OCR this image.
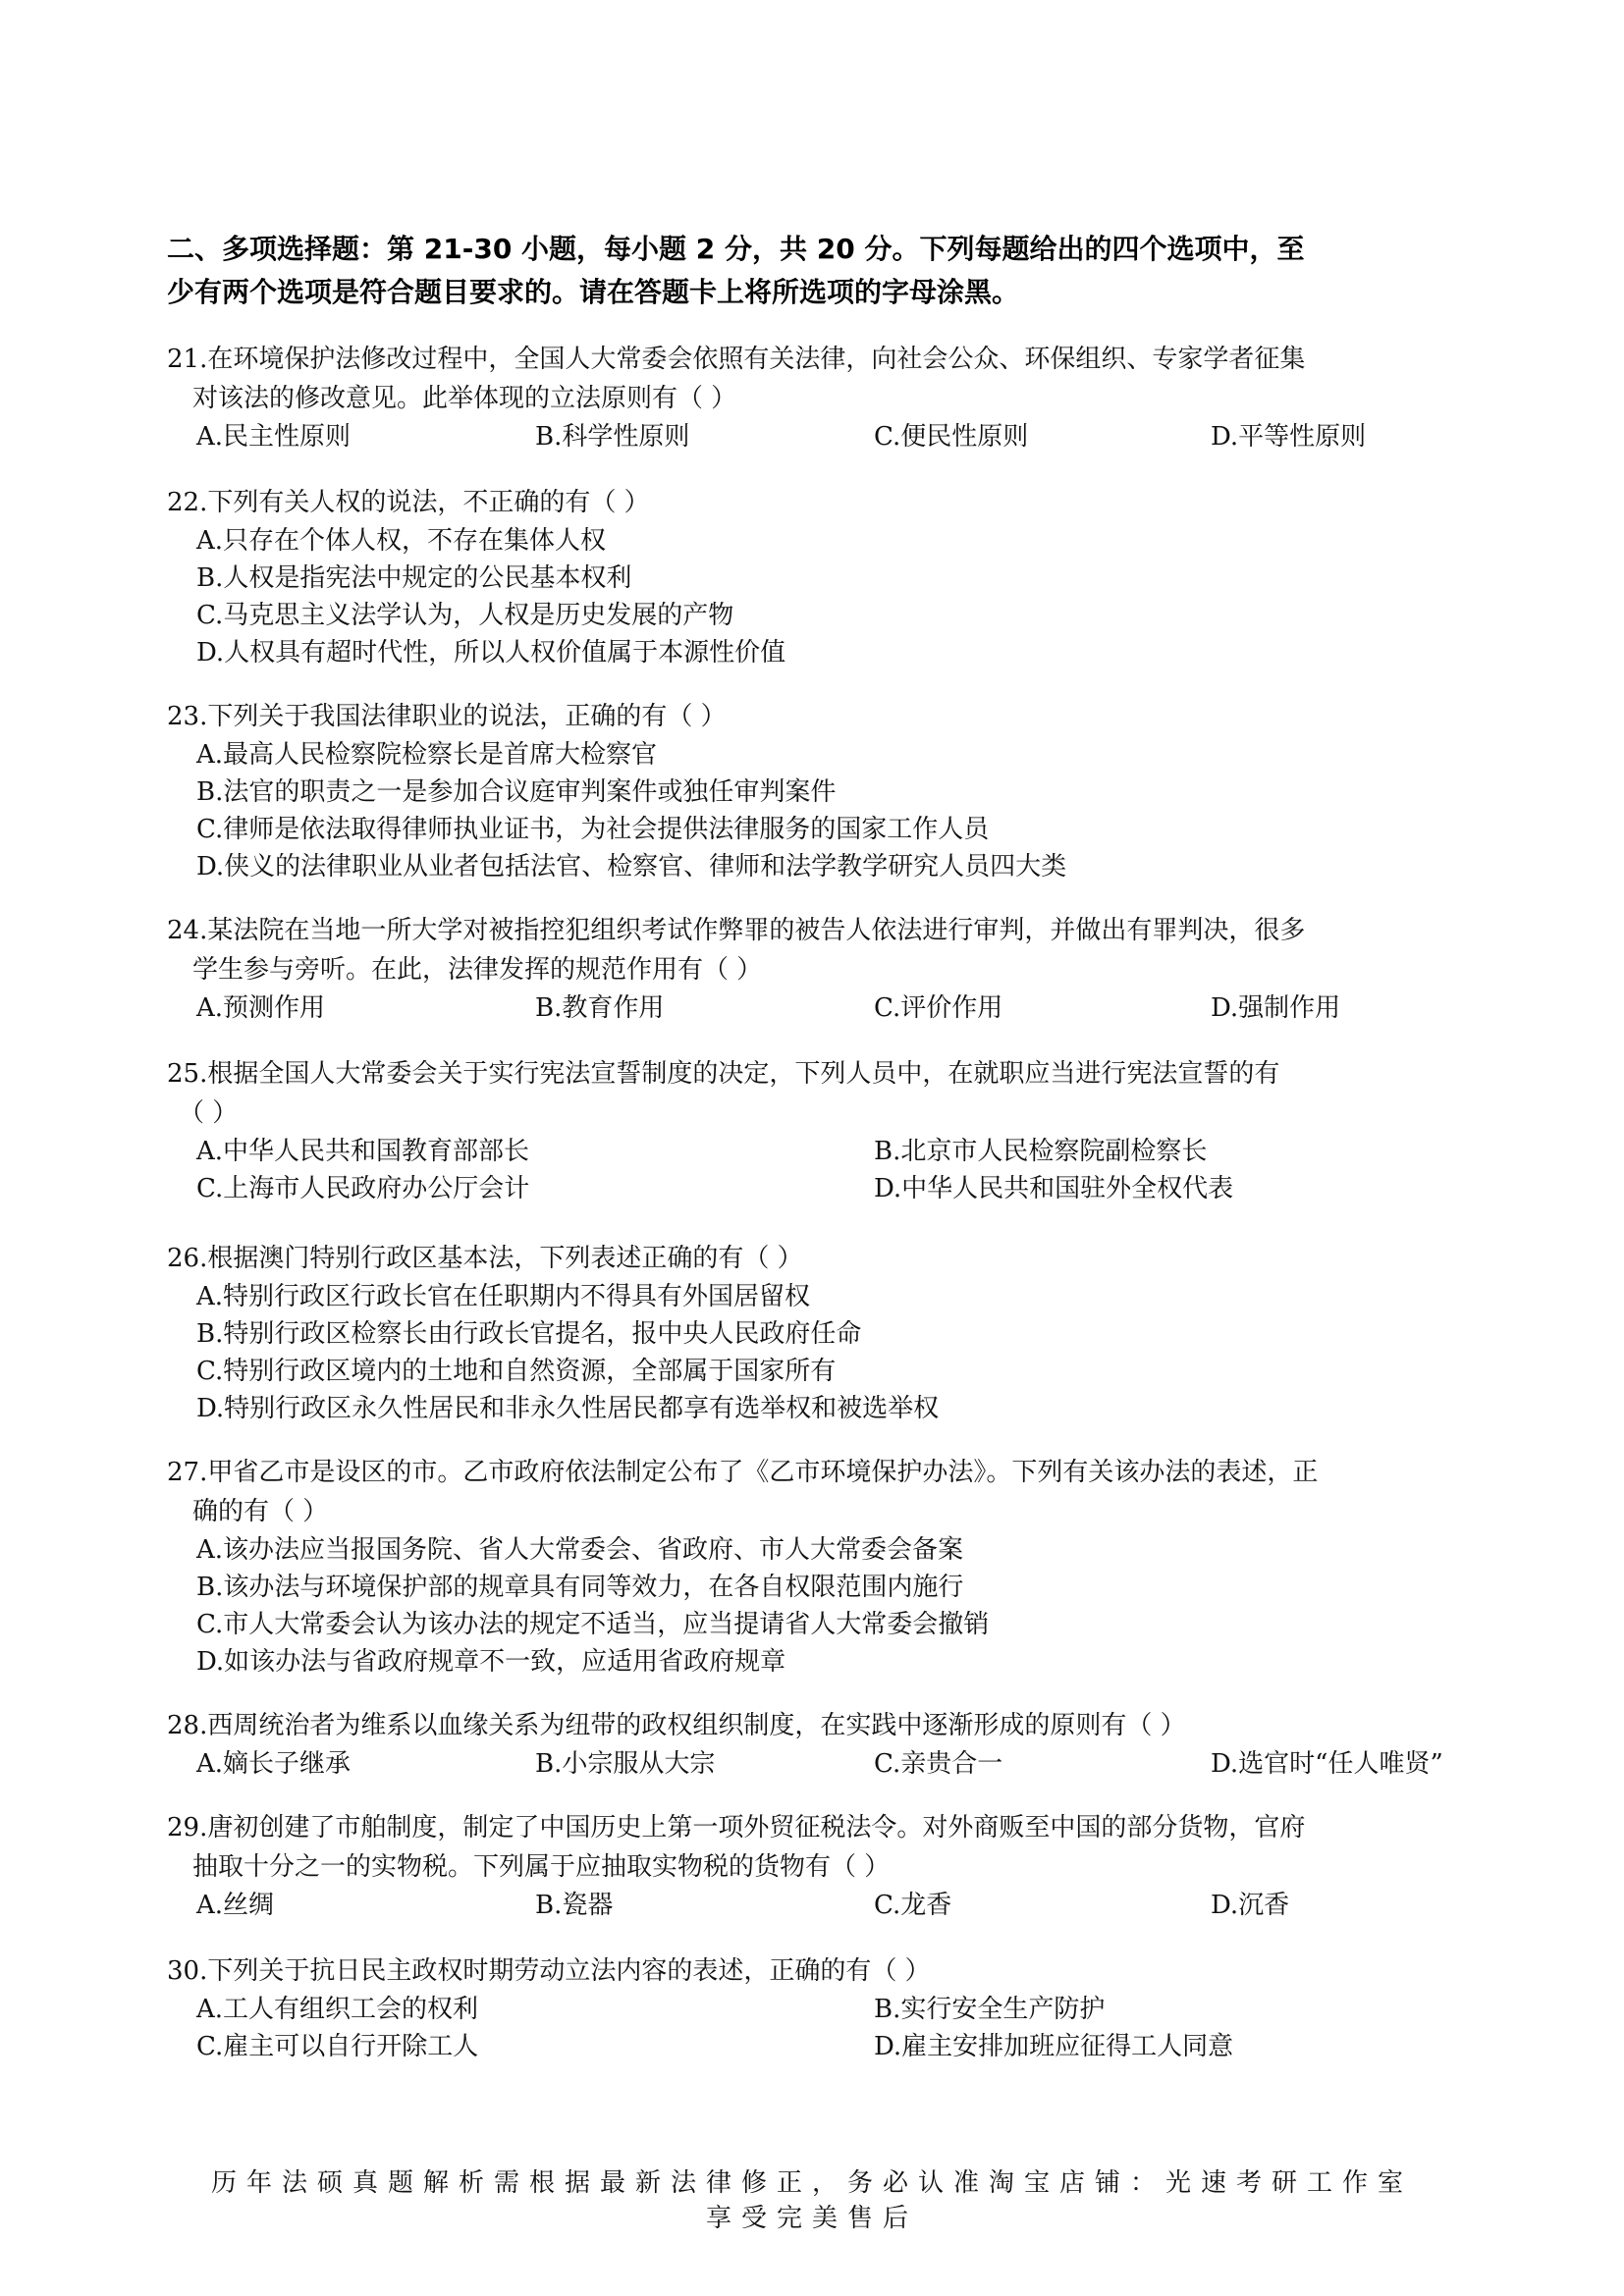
二、多项选择题：第 21-30 小题，每小题 2 分，共 20 分。下列每题给出的四个选项中，至
少有两个选项是符合题目要求的。请在答题卡上将所选项的字母涂黑。
21.在环境保护法修改过程中，全国人大常委会依照有关法律，向社会公众、环保组织、专家学者征集
对该法的修改意见。此举体现的立法原则有（ ）
A.民主性原则	B.科学性原则	C.便民性原则	D.平等性原则
22.下列有关人权的说法，不正确的有（ ）
A.只存在个体人权，不存在集体人权
B.人权是指宪法中规定的公民基本权利
C.马克思主义法学认为，人权是历史发展的产物
D.人权具有超时代性，所以人权价值属于本源性价值
23.下列关于我国法律职业的说法，正确的有（ ）
A.最高人民检察院检察长是首席大检察官
B.法官的职责之一是参加合议庭审判案件或独任审判案件
C.律师是依法取得律师执业证书，为社会提供法律服务的国家工作人员
D.侠义的法律职业从业者包括法官、检察官、律师和法学教学研究人员四大类
24.某法院在当地一所大学对被指控犯组织考试作弊罪的被告人依法进行审判，并做出有罪判决，很多
学生参与旁听。在此，法律发挥的规范作用有（ ）
A.预测作用	B.教育作用	C.评价作用	D.强制作用
25.根据全国人大常委会关于实行宪法宣誓制度的决定，下列人员中，在就职应当进行宪法宣誓的有
（ ）
A.中华人民共和国教育部部长	B.北京市人民检察院副检察长
C.上海市人民政府办公厅会计	D.中华人民共和国驻外全权代表
26.根据澳门特别行政区基本法，下列表述正确的有（ ）
A.特别行政区行政长官在任职期内不得具有外国居留权
B.特别行政区检察长由行政长官提名，报中央人民政府任命
C.特别行政区境内的土地和自然资源，全部属于国家所有
D.特别行政区永久性居民和非永久性居民都享有选举权和被选举权
27.甲省乙市是设区的市。乙市政府依法制定公布了《乙市环境保护办法》。下列有关该办法的表述，正
确的有（ ）
A.该办法应当报国务院、省人大常委会、省政府、市人大常委会备案
B.该办法与环境保护部的规章具有同等效力，在各自权限范围内施行
C.市人大常委会认为该办法的规定不适当，应当提请省人大常委会撤销
D.如该办法与省政府规章不一致，应适用省政府规章
28.西周统治者为维系以血缘关系为纽带的政权组织制度，在实践中逐渐形成的原则有（ ）
A.嫡长子继承	B.小宗服从大宗	C.亲贵合一	D.选官时“任人唯贤”
29.唐初创建了市舶制度，制定了中国历史上第一项外贸征税法令。对外商贩至中国的部分货物，官府
抽取十分之一的实物税。下列属于应抽取实物税的货物有（ ）
A.丝绸	B.瓷器	C.龙香	D.沉香
30.下列关于抗日民主政权时期劳动立法内容的表述，正确的有（ ）
A.工人有组织工会的权利	B.实行安全生产防护
C.雇主可以自行开除工人	D.雇主安排加班应征得工人同意
历年法硕真题解析需根据最新法律修正，务必认准淘宝店铺：光速考研工作室
享受完美售后
